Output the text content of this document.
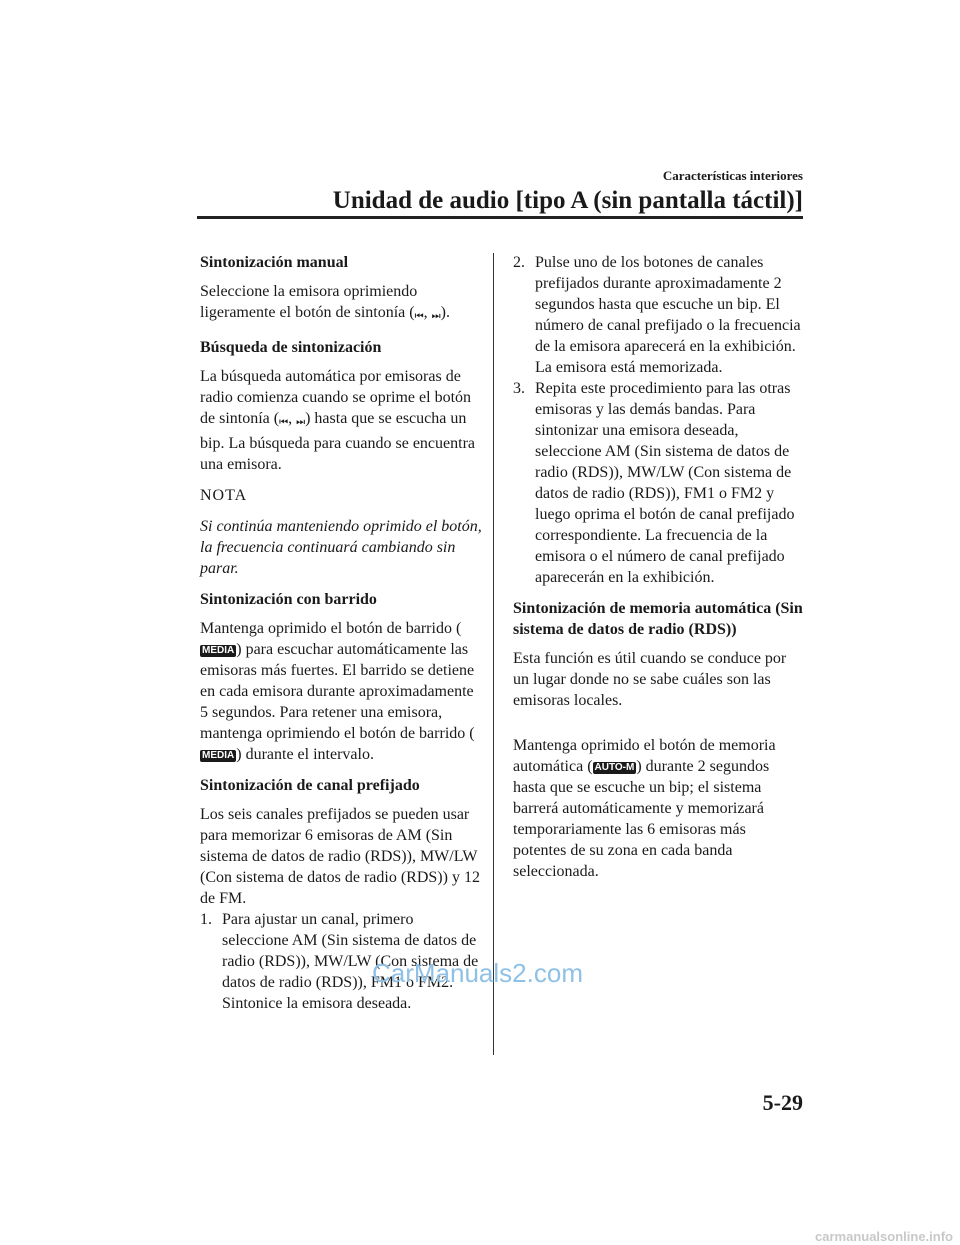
Características interiores
Unidad de audio [tipo A (sin pantalla táctil)]
Sintonización manual

Seleccione la emisora oprimiendo ligeramente el botón de sintonía (⏮, ⏭).

Búsqueda de sintonización

La búsqueda automática por emisoras de radio comienza cuando se oprime el botón de sintonía (⏮, ⏭) hasta que se escucha un bip. La búsqueda para cuando se encuentra una emisora.

NOTA

Si continúa manteniendo oprimido el botón, la frecuencia continuará cambiando sin parar.

Sintonización con barrido

Mantenga oprimido el botón de barrido (MEDIA ) para escuchar automáticamente las emisoras más fuertes. El barrido se detiene en cada emisora durante aproximadamente 5 segundos. Para retener una emisora, mantenga oprimiendo el botón de barrido (MEDIA ) durante el intervalo.

Sintonización de canal prefijado

Los seis canales prefijados se pueden usar para memorizar 6 emisoras de AM (Sin sistema de datos de radio (RDS)), MW/LW (Con sistema de datos de radio (RDS)) y 12 de FM.

1. Para ajustar un canal, primero seleccione AM (Sin sistema de datos de radio (RDS)), MW/LW (Con sistema de datos de radio (RDS)), FM1 o FM2. Sintonice la emisora deseada.
2. Pulse uno de los botones de canales prefijados durante aproximadamente 2 segundos hasta que escuche un bip. El número de canal prefijado o la frecuencia de la emisora aparecerá en la exhibición. La emisora está memorizada.
3. Repita este procedimiento para las otras emisoras y las demás bandas. Para sintonizar una emisora deseada, seleccione AM (Sin sistema de datos de radio (RDS)), MW/LW (Con sistema de datos de radio (RDS)), FM1 o FM2 y luego oprima el botón de canal prefijado correspondiente. La frecuencia de la emisora o el número de canal prefijado aparecerán en la exhibición.
Sintonización de memoria automática (Sin sistema de datos de radio (RDS))

Esta función es útil cuando se conduce por un lugar donde no se sabe cuáles son las emisoras locales.

Mantenga oprimido el botón de memoria automática ( AUTO-M ) durante 2 segundos hasta que se escuche un bip; el sistema barrerá automáticamente y memorizará temporariamente las 6 emisoras más potentes de su zona en cada banda seleccionada.

CarManuals2.com
5-29
carmanualsonline.info
